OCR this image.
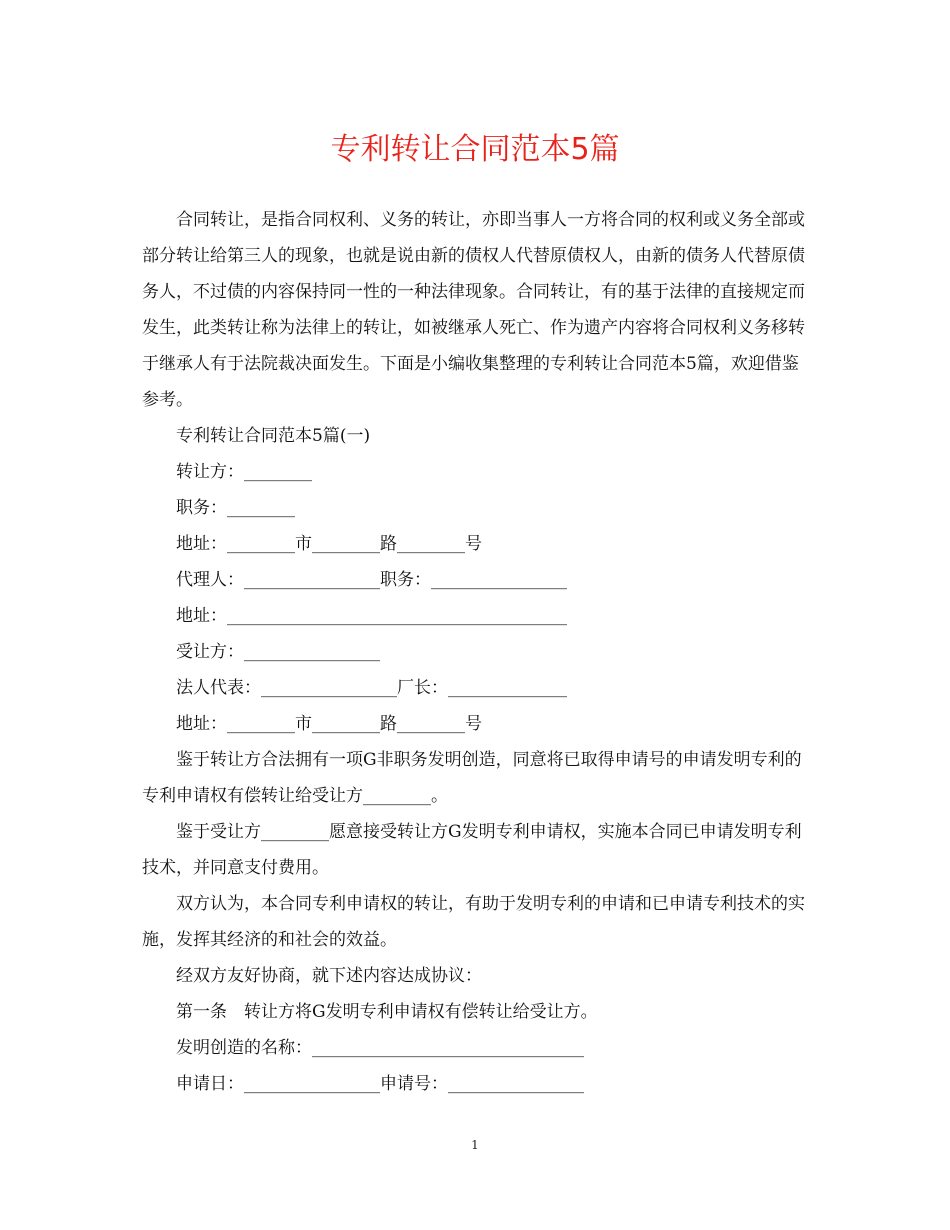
专利转让合同范本5篇

合同转让，是指合同权利、义务的转让，亦即当事人一方将合同的权利或义务全部或部分转让给第三人的现象，也就是说由新的债权人代替原债权人，由新的债务人代替原债务人，不过债的内容保持同一性的一种法律现象。合同转让，有的基于法律的直接规定而发生，此类转让称为法律上的转让，如被继承人死亡、作为遗产内容将合同权利义务移转于继承人有于法院裁决面发生。下面是小编收集整理的专利转让合同范本5篇，欢迎借鉴参考。

专利转让合同范本5篇(一)

转让方：________

职务：________

地址：________市________路________号

代理人：________________职务：________________

地址：________________________________________

受让方：________________

法人代表：________________厂长：______________

地址：________市________路________号

鉴于转让方合法拥有一项G非职务发明创造，同意将已取得申请号的申请发明专利的专利申请权有偿转让给受让方________。

鉴于受让方________愿意接受转让方G发明专利申请权，实施本合同已申请发明专利技术，并同意支付费用。

双方认为，本合同专利申请权的转让，有助于发明专利的申请和已申请专利技术的实施，发挥其经济的和社会的效益。

经双方友好协商，就下述内容达成协议：

第一条　转让方将G发明专利申请权有偿转让给受让方。

发明创造的名称：________________________________

申请日：________________申请号：________________

1
